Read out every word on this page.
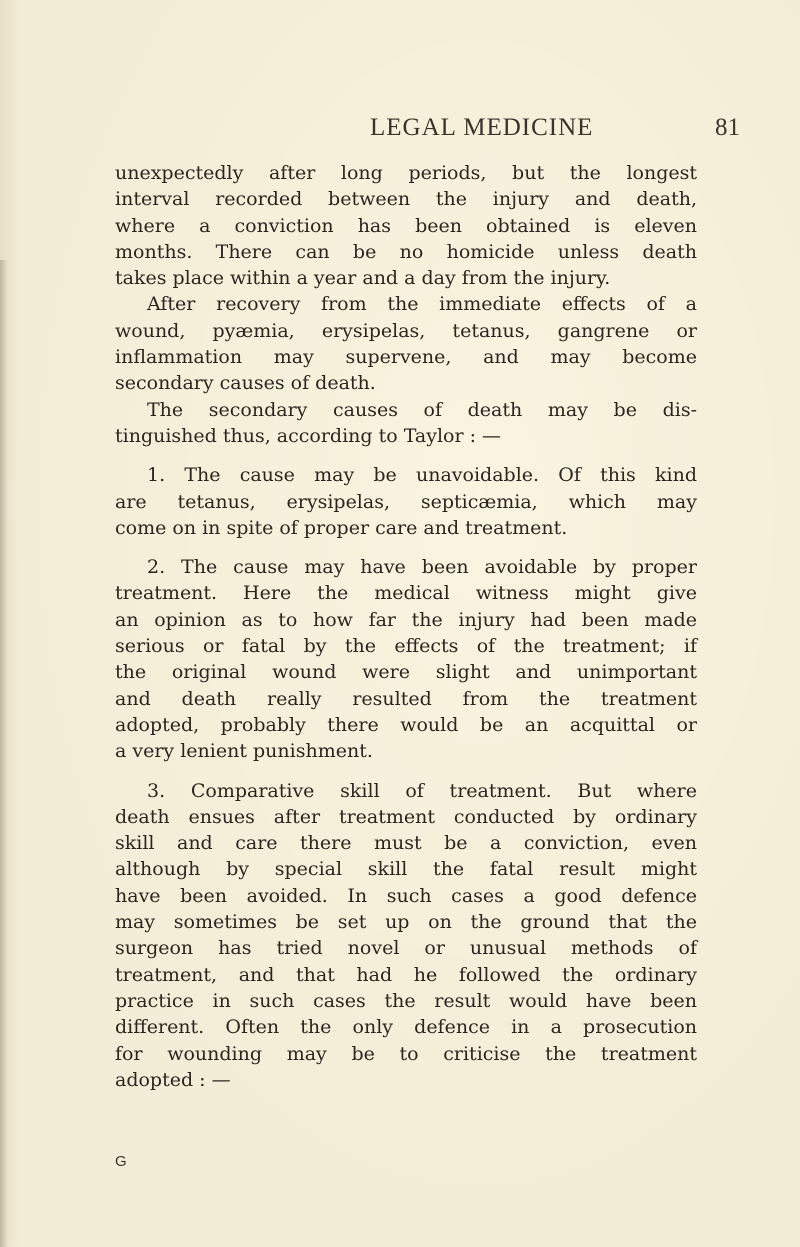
LEGAL MEDICINE	81
unexpectedly after long periods, but the longest
interval recorded between the injury and death,
where a conviction has been obtained is eleven
months. There can be no homicide unless death
takes place within a year and a day from the injury.
After recovery from the immediate effects of a
wound, pyæmia, erysipelas, tetanus, gangrene or
inflammation may supervene, and may become
secondary causes of death.
The secondary causes of death may be dis-
tinguished thus, according to Taylor : —
1. The cause may be unavoidable. Of this kind
are tetanus, erysipelas, septicæmia, which may
come on in spite of proper care and treatment.
2. The cause may have been avoidable by proper
treatment. Here the medical witness might give
an opinion as to how far the injury had been made
serious or fatal by the effects of the treatment; if
the original wound were slight and unimportant
and death really resulted from the treatment
adopted, probably there would be an acquittal or
a very lenient punishment.
3. Comparative skill of treatment. But where
death ensues after treatment conducted by ordinary
skill and care there must be a conviction, even
although by special skill the fatal result might
have been avoided. In such cases a good defence
may sometimes be set up on the ground that the
surgeon has tried novel or unusual methods of
treatment, and that had he followed the ordinary
practice in such cases the result would have been
different. Often the only defence in a prosecution
for wounding may be to criticise the treatment
adopted : —
G
